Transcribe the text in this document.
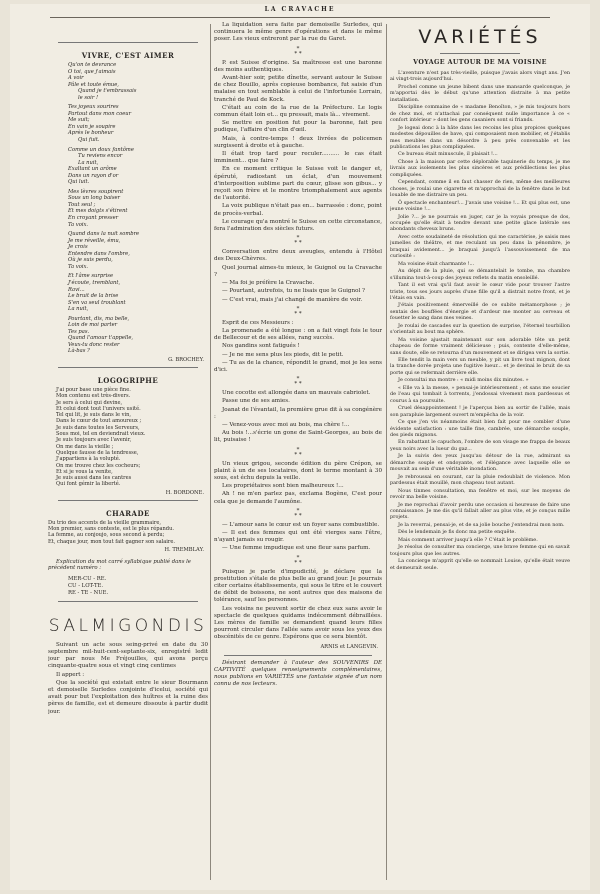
LA CRAVACHE
VIVRE, C'EST AIMER
Qu'on te devrance
O toi, que j'aimais
A voir
Pâle et toute émue,
Quand je t'embrassais
le soir !
Tes joyeux sourires
Partout dans mon coeur
Me suit;
En vain je soupire
Après le bonheur
Qui fuit.
Comme un doux fantôme
Tu reviens encor
La nuit,
Exaltant un arôme
Dans un rayon d'or
Qui luit.
Mes lèvres soupirent
Sous un long baiser
Tout seul ;
Et mes doigts s'étirent
En croyant presser
Ta voix.
Quand dans la nuit sombre
Je me réveille, ému,
Je crois
Entendre dans l'ombre,
Où je suis perdu,
Ta voix.
Et l'âme surprise
J'écoute, tremblant,
Ravi...
Le bruit de la brise
S'en va seul troublant
La nuit,
Pourtant, dis, ma belle,
Loin de moi parter
Tes pas.
Quand l'amour t'appelle,
Veux-tu donc rester
Là-bas ?
G. BROCHEY.
LOGOGRIPHE
J'ai pour base une pièce fine.
Mon contenu est très-divers.
Je sers à celui qui devine,
Et celui dont tout l'univers usité.
Tel qui lit, je suis dans le vin,
Dans le cœur de tout amoureux ;
Je suis dans toutes les Serveurs,
Sous moi, tel en deviendrait vieux.
Je suis toujours avec l'avenir,
On me dans la vieille ;
Quelque fausse de la tendresse,
J'appartiens à la volupté.
On me trouve chez les cocheurs;
Et si je vous la venite,
Je suis aussi dans les cantres
Qui font gémir la liberté.
H. BORDONE.
CHARADE
Du trio des accents de la vieille grammaire,
Mon premier, sans conteste, est le plus répandu.
La femme, au conjoujo, sous second à perdu;
Et, chaque jour, mon tout fait gagner son salaire.
H. TREMBLAY.
Explication du mot carré syllabique publié dans le précédent numéro :
MER-CU - RE.
CU - LOT-TE.
RE - TE - NUE.
SALMIGONDIS

Suivant un acte sous seing-privé en date du 30 septembre mil-huit-cent-septante-six, enregistré ledit jour par nous Me Fréjouilles, qui avons perçu cinquante-quatre sous et vingt cinq centimes

Il appert :

Que la société qui existait entre le sieur Bourmann et demoiselle Surledes conjointe d'icelui, société qui avait pour but l'exploitation des huîtres et la ruine des pères de famille, est et demeure dissoute à partir dudit jour.

La liquidation sera faite par demoiselle Surledes, qui continuera le même genre d'opérations et dans le même poser. Les vieux entreront par la rue du Garet.

*
* *

P. est Suisse d'origine. Sa maîtresse est une baronne des moins authentiques.

Avant-hier soir, petite dînette, servant autour le Suisse de chez Bouillo, après copieuse bombance, fut saisie d'un malaise en tout semblable à celui de l'infortunée Lorrain, tranché de Paul de Kock.

C'était au coin de la rue de la Préfecture. Le logis commun était loin et... qu pressait, mais là... vivement.

Se mettre en position fut pour la baronne, fait peu pudique, l'affaire d'un clin d'œil.

Mais, à contre-temps ! deux livrées de policemen surgissent à droite et à gauche.

Il était trop tard pour reculer.......... le cas était imminent... que faire ?

En ce moment critique le Suisse voit le danger et, épéruté, radiostant un éclat, d'un mouvement d'interposition sublime part du cœur, glisse son gibus... y reçoit son frère et le montre triomphalement aux agents de l'autorité.

La voix publique n'était pas en... barrassée : donc, point de procès-verbal.

Le courage qu'a montré le Suisse en cette circonstance, fera l'admiration des siècles futurs.

*
* *

Conversation entre deux aveugles, entendu à l'Hôtel des Deux-Chèvres.

Quel journal aimes-tu mieux, le Guignol ou la Cravache ?

— Ma foi je préfère la Cravache.

— Pourtant, autrefois, tu ne lisais que le Guignol ?

— C'est vrai, mais j'ai changé de manière de voir.

*
* *

Esprit de ces Messieurs :

La promenade a été longue : on a fait vingt fois le tour de Bellecour et de ses allées, rang succès.

Nos gandins sont fatigués !

— Je ne me sens plus les pieds, dit le petit.

— Tu as de la chance, répondit le grand, moi je les sens d'ici.

*
* *

Une cocotte est allongée dans un mauvais cabriolet.

Passe une de ses amies.

Joanat de l'évantail, la première grue dit à sa congénère :

— Venez-vous avec moi au bois, ma chère !...

Au bois !...s'écrie un gone de Saint-Georges, au bois de lit, puisaise !

*
* *

Un vieux grigou, seconde édition du père Crépon, se plaint à un de ses locataires, dont le terme montant à 30 sous, est échu depuis la veille.

Les propriétaires sont bien malheureux !...

Ah ! ne m'en parlez pas, exclama Bogène, C'est pour cela que je demande l'aumône.

*
* *

— L'amour sans le cœur est un foyer sans combustible.

— Il est des femmes qui ont été vierges sans l'être, n'ayant jamais su rougir.

— Une femme impudique est une fleur sans parfum.

*
* *

Puisque je parle d'impudicité, je déclare que la prostitution s'étale de plus belle au grand jour. Je pourrais citer certains établissements, qui sous le titre et le couvert de débit de boissons, ne sont autres que des maisons de tolérance, sauf les personnes.

Les voisins ne peuvent sortir de chez eux sans avoir le spectacle de quelques quidams indécemment débraillées. Les mères de famille se demandent quand leurs filles pourront circuler dans l'allée sans avoir sous les yeux des obscénités de ce genre. Espérons que ce sera bientôt.

ARNIS et LANGEVIN.
Désirant demander à l'auteur des SOUVENIRS DE CAPTIVITÉ quelques renseignements complémentaires, nous publions en VARIÉTÉS une fantaisie signée d'un nom connu de nos lecteurs.
VARIÉTÉS
VOYAGE AUTOUR DE MA VOISINE

L'aventure n'est pas très-vieille, puisque j'avais alors vingt ans. J'en ai vingt-trois aujourd'hui.

Prochel comme un jeune bibent dans une mansarde quelconque, je m'apportai dès le début qu'une attention distraite à ma petite installation.

Discipline commaine de « madame Benoîton, » je mis toujours hors de chez moi, et n'attachai par conséquent nulle importance à ce « confort intérieur » dont les gens casaniers sont si friands.

Je logeai donc à la hâte dans les recoins les plus propices quelques modestes dépouilles de bave, qui composaient mon mobilier, et j'établis mes meubles dans un désordre à peu près convenable et les publications les plus compliquées.

Ce bureau était minuscule, il plaisait !...

Chose à la maison par cette déplorable taquinerie du temps, je me livrais aux isolements les plus sincères et aux prédilections les plus compliquées.

Cependant, comme il en faut chasser de rien, même des meilleures choses, je roulai une cigarette et m'approchai de la fenêtre dans le but louable de me distraire un peu.

Ô spectacle enchanteur!... J'avais une voisine !... Et qui plus est, une jeune voisine !...

Jolie ?... je ne pourrais en juger, car je la voyais presque de dos, occupée qu'elle était à tendre devant une petite glace latérale ses abondants cheveux bruns.

Avec cette soudaineté de résolution qui me caractérise, je saisis mes jumelles de théâtre, et me reculant un peu dans la pénombre, je braquai avidement... je braquai jusqu'à l'assouvissement de ma curiosité :

Ma voisine était charmante !...

Au dépit de la pluie, qui se démantelait le tombe, ma chambre s'illumina tout-à-coup des joyeux reflets du matin ensoleillé.

Tant il est vrai qu'il faut avoir le cœur vide pour trouver l'astre triste, tous ses jours auprès d'une fille qu'il a distrait notre front, et je l'étais en vain.

J'étais positivement émerveillé de ce subite métamorphose ; je sentais des bouffées d'énergie et d'ardeur me monter au cerveau et fouetter le sang dans mes veines.

Je roulai de cascades sur la question de surprise, l'éternel tourbillon s'orientait au bout ma sphère.

Ma voisine ajustait maintenant sur son adorable tête un petit chapeau de forme vraiment délicieuse ; puis, contente d'elle-même, sans doute, elle se retourna d'un mouvement et se dirigea vers la sortie.

Elle tendit la main vers un meuble, y pit un livre tout mignon, dont la tranche dorée projeta une fugitive lueur... et je devinai le bruit de sa porte qui se refermait derrière elle.

Je consultai ma montre : « midi moins dix minutes. »

« Elle va à la messe, » pensai-je intérieurement ; et sans me soucier de l'eau qui tombait à torrents, j'endossai vivement mon pardessus et courus à sa poursuite.

Cruel désappointement ! je l'aperçus bien au sortir de l'allée, mais son parapluie largement ouvert m'empêcha de la voir.

Ce que j'en vis néanmoins était bien fait pour me combler d'une évidente satisfaction : une taille fine, cambrée, une démarche souple, des pieds mignons.

En rabattant le capuchon, l'ombre de son visage me frappa de beaux yeux noirs avec la lueur du gaz...

Je la suivis des yeux jusqu'au détour de la rue, admirant sa démarche souple et ondoyante, et l'élégance avec laquelle elle se mouvait au sein d'une véritable inondation.

Je rebroussai en courant, car la pluie redoublait de violence. Mon pardessus était mouillé, mon chapeau tout autant.

Nous tinmes consultation, ma fenêtre et moi, sur les moyens de revoir ma belle voisine.

Je me reprochai d'avoir perdu une occasion si heureuse de faire une connaissance. Je me dis qu'il fallait aller au plus vite, et je conçus mille projets.

Je la reverrai, pensai-je, et de sa jolie bouche j'entendrai mon nom.

Dès le lendemain je fis donc ma petite enquête.

Mais comment arriver jusqu'à elle ? C'était le problème.

Je résolus de consulter ma concierge, une brave femme qui en savait toujours plus que les autres.

La concierge m'apprit qu'elle se nommait Louise, qu'elle était veuve et demeurait seule.
